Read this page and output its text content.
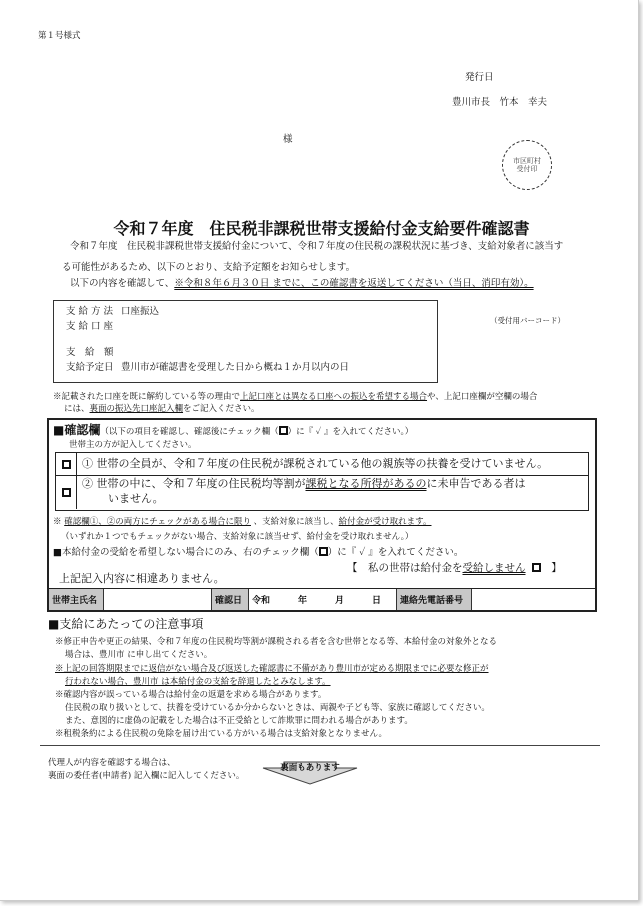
第１号様式
発行日
豊川市長　竹本　幸夫
様
市区町村
受付印
令和７年度　住民税非課税世帯支援給付金支給要件確認書
令和７年度　住民税非課税世帯支援給付金について、令和７年度の住民税の課税状況に基づき、支給対象者に該当す
る可能性があるため、以下のとおり、支給予定額をお知らせします。
以下の内容を確認して、※令和８年６月３０日 までに、この確認書を返送してください（当日、消印有効）。
支 給 方 法 口座振込
支 給 口 座
支　給　額
支給予定日 豊川市が確認書を受理した日から概ね１か月以内の日
（受付用バーコード）
※記載された口座を既に解約している等の理由で上記口座とは異なる口座への振込を希望する場合や、上記口座欄が空欄の場合
には、裏面の振込先口座記入欄をご記入ください。
■確認欄（以下の項目を確認し、確認後にチェック欄（ ）に『 ✓ 』を入れてください。）
世帯主の方が記入してください。
① 世帯の全員が、令和７年度の住民税が課税されている他の親族等の扶養を受けていません。
② 世帯の中に、令和７年度の住民税均等割が課税となる所得があるのに未申告である者は
いません。
※ 確認欄①、②の両方にチェックがある場合に限り 、支給対象に該当し、給付金が受け取れます。
（いずれか１つでもチェックがない場合、支給対象に該当せず、給付金を受け取れません。）
■本給付金の受給を希望しない場合にのみ、右のチェック欄（ ）に『 ✓ 』を入れてください。
【　私の世帯は給付金を受給しません 】
上記記入内容に相違ありません。
世帯主氏名	確認日	令和	年	月	日	連絡先電話番号
■支給にあたっての注意事項
※修正申告や更正の結果、令和７年度の住民税均等割が課税される者を含む世帯となる等、本給付金の対象外となる
場合は、豊川市 に申し出てください。
※上記の回答期限までに返信がない場合及び返送した確認書に不備があり豊川市が定める期限までに必要な修正が
行われない場合、豊川市 は本給付金の支給を辞退したとみなします。
※確認内容が誤っている場合は給付金の返還を求める場合があります。
住民税の取り扱いとして、扶養を受けているか分からないときは、両親や子ども等、家族に確認してください。
また、意図的に虚偽の記載をした場合は不正受給として詐欺罪に問われる場合があります。
※租税条約による住民税の免除を届け出ている方がいる場合は支給対象となりません。
代理人が内容を確認する場合は、
裏面の委任者(申請者) 記入欄に記入してください。
裏面もあります
